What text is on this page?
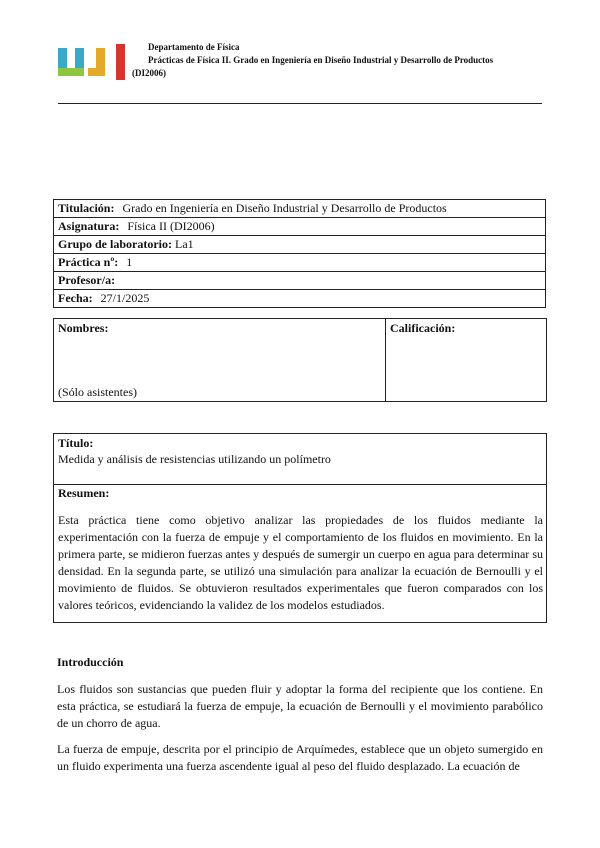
Departamento de Física
Prácticas de Física II. Grado en Ingeniería en Diseño Industrial y Desarrollo de Productos
(DI2006)
Titulación: Grado en Ingeniería en Diseño Industrial y Desarrollo de Productos
Asignatura: Física II (DI2006)
Grupo de laboratorio: La1
Práctica nº: 1
Profesor/a:
Fecha: 27/1/2025
Nombres:
(Sólo asistentes)
Calificación:
Título:
Medida y análisis de resistencias utilizando un polímetro
Resumen:
Esta práctica tiene como objetivo analizar las propiedades de los fluidos mediante la experimentación con la fuerza de empuje y el comportamiento de los fluidos en movimiento. En la primera parte, se midieron fuerzas antes y después de sumergir un cuerpo en agua para determinar su densidad. En la segunda parte, se utilizó una simulación para analizar la ecuación de Bernoulli y el movimiento de fluidos. Se obtuvieron resultados experimentales que fueron comparados con los valores teóricos, evidenciando la validez de los modelos estudiados.
Introducción
Los fluidos son sustancias que pueden fluir y adoptar la forma del recipiente que los contiene. En esta práctica, se estudiará la fuerza de empuje, la ecuación de Bernoulli y el movimiento parabólico de un chorro de agua.
La fuerza de empuje, descrita por el principio de Arquímedes, establece que un objeto sumergido en un fluido experimenta una fuerza ascendente igual al peso del fluido desplazado. La ecuación de
